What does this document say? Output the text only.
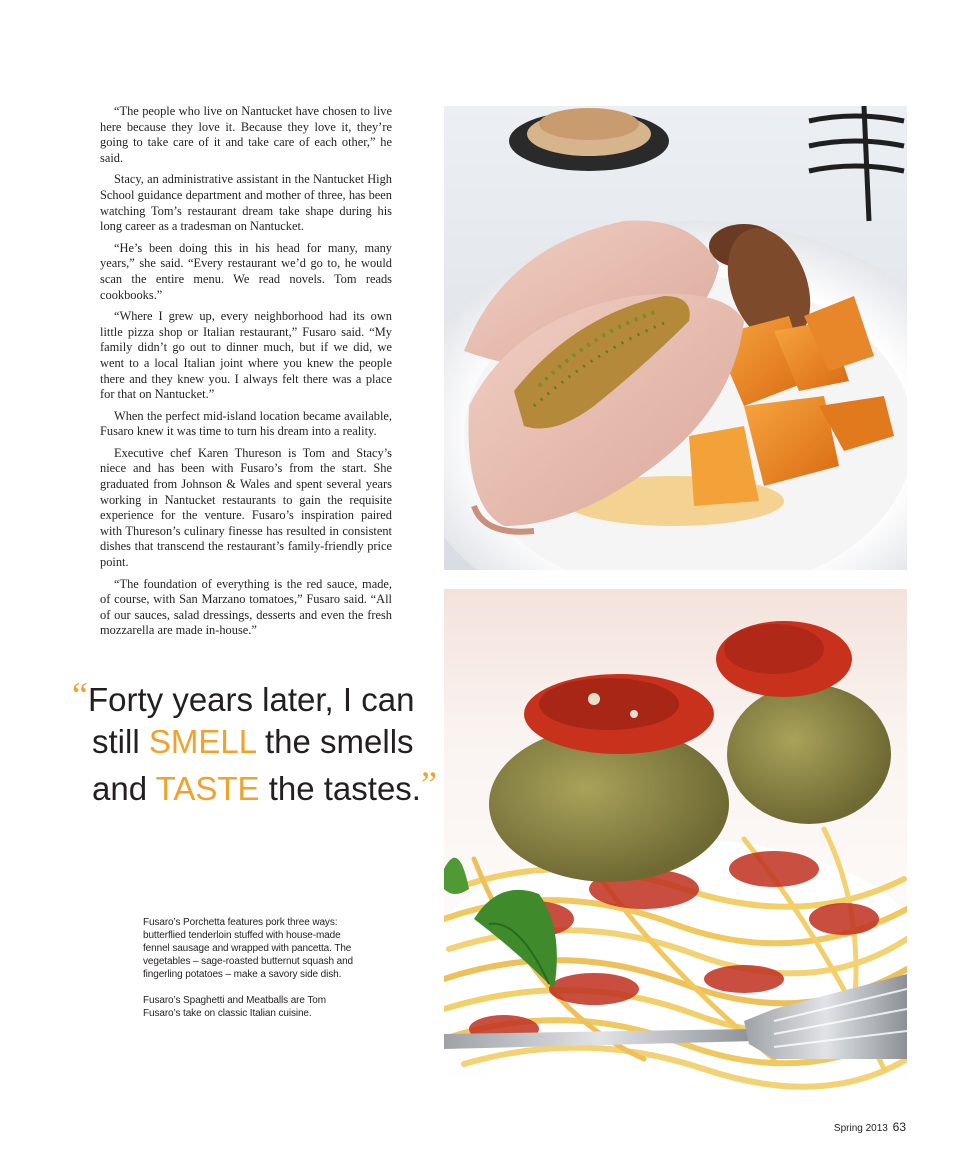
“The people who live on Nantucket have chosen to live here because they love it. Because they love it, they’re going to take care of it and take care of each other,” he said.

Stacy, an administrative assistant in the Nantucket High School guidance department and mother of three, has been watching Tom’s restaurant dream take shape during his long career as a tradesman on Nantucket.

“He’s been doing this in his head for many, many years,” she said. “Every restaurant we’d go to, he would scan the entire menu. We read novels. Tom reads cookbooks.”

“Where I grew up, every neighborhood had its own little pizza shop or Italian restaurant,” Fusaro said. “My family didn’t go out to dinner much, but if we did, we went to a local Italian joint where you knew the people there and they knew you. I always felt there was a place for that on Nantucket.”

When the perfect mid-island location became available, Fusaro knew it was time to turn his dream into a reality.

Executive chef Karen Thureson is Tom and Stacy’s niece and has been with Fusaro’s from the start. She graduated from Johnson & Wales and spent several years working in Nantucket restaurants to gain the requisite experience for the venture. Fusaro’s inspiration paired with Thureson’s culinary finesse has resulted in consistent dishes that transcend the restaurant’s family-friendly price point.

“The foundation of everything is the red sauce, made, of course, with San Marzano tomatoes,” Fusaro said. “All of our sauces, salad dressings, desserts and even the fresh mozzarella are made in-house.”

“Forty years later, I can
still SMELL the smells
and TASTE the tastes.”

Fusaro’s Porchetta features pork three ways: butterflied tenderloin stuffed with house-made fennel sausage and wrapped with pancetta. The vegetables – sage-roasted butternut squash and fingerling potatoes – make a savory side dish.

Fusaro’s Spaghetti and Meatballs are Tom Fusaro’s take on classic Italian cuisine.

Spring 2013 63
